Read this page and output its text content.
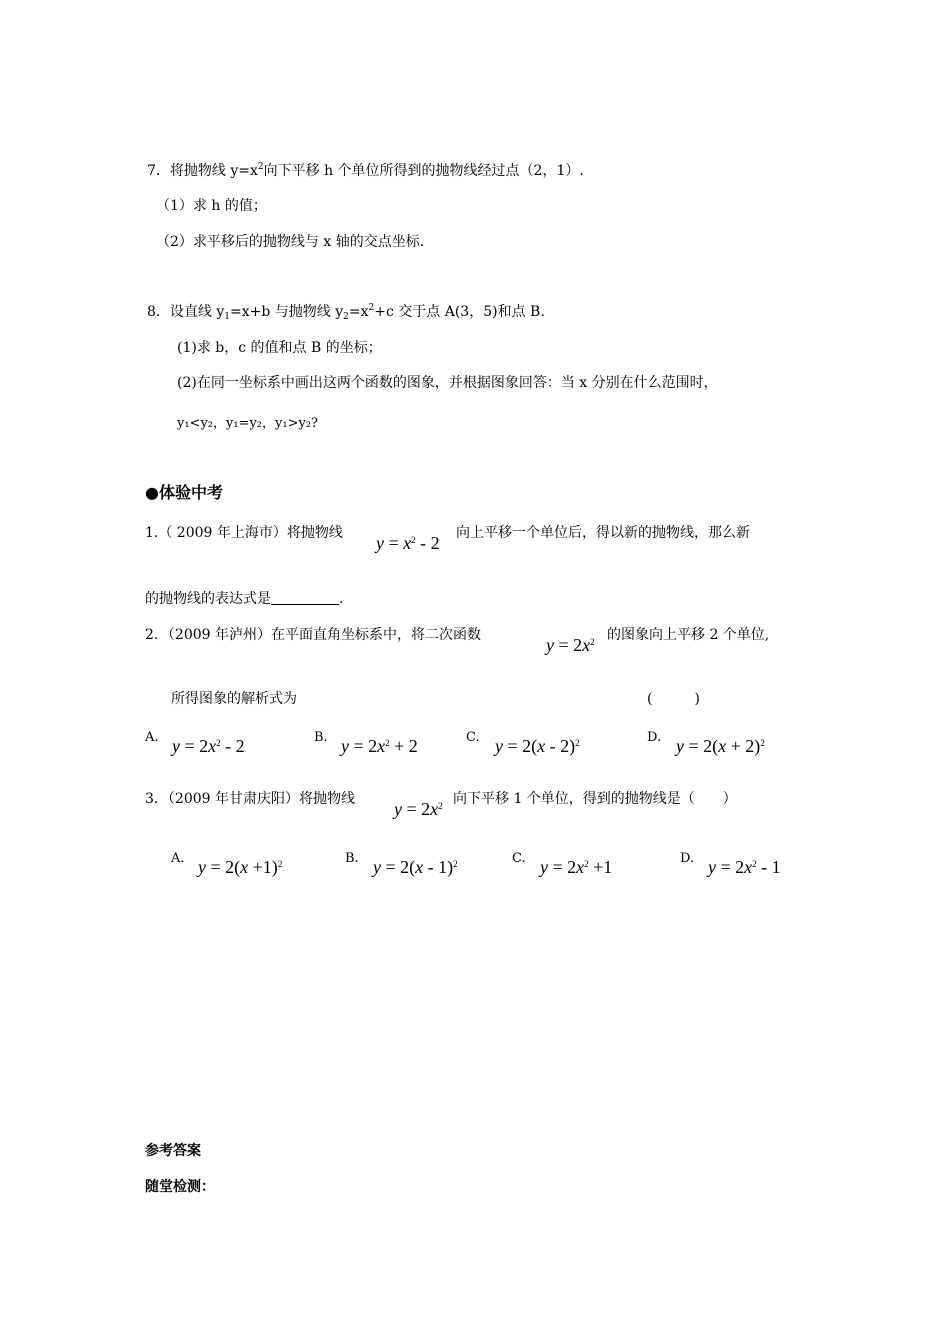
7．将抛物线 $y=x^2$向下平移 h 个单位所得到的抛物线经过点（2，1）.
（1）求 h 的值；
（2）求平移后的抛物线与 x 轴的交点坐标.
8．设直线 $y_1=x+b$ 与抛物线 $y_2=x^2+c$ 交于点 A(3，5)和点 B.
(1)求 b，c 的值和点 B 的坐标；
(2)在同一坐标系中画出这两个函数的图象，并根据图象回答：当 x 分别在什么范围时，
y₁<y₂，y₁=y₂，y₁>y₂?
●体验中考
1.（ 2009 年上海市）将抛物线 $y = x^2 - 2$ 向上平移一个单位后，得以新的抛物线，那么新
的抛物线的表达式是	.
2．（2009 年泸州）在平面直角坐标系中，将二次函数	$y = 2x^2$ 的图象向上平移 2 个单位,
所得图象的解析式为	(　　　)
A. $y = 2x^2 - 2$	B. $y = 2x^2 + 2$	C. y = 2(x - 2)$^2$	D. $y = 2(x + 2)^2$
3．（2009 年甘肃庆阳）将抛物线 $y = 2x^2$ 向下平移 1 个单位，得到的抛物线是（　　）
A. $y = 2(x +1)^2$	B. y = 2(x - 1)$^2$	C. $y = 2x^2 +1$	D. $y = 2x^2 - 1$
参考答案
随堂检测：
